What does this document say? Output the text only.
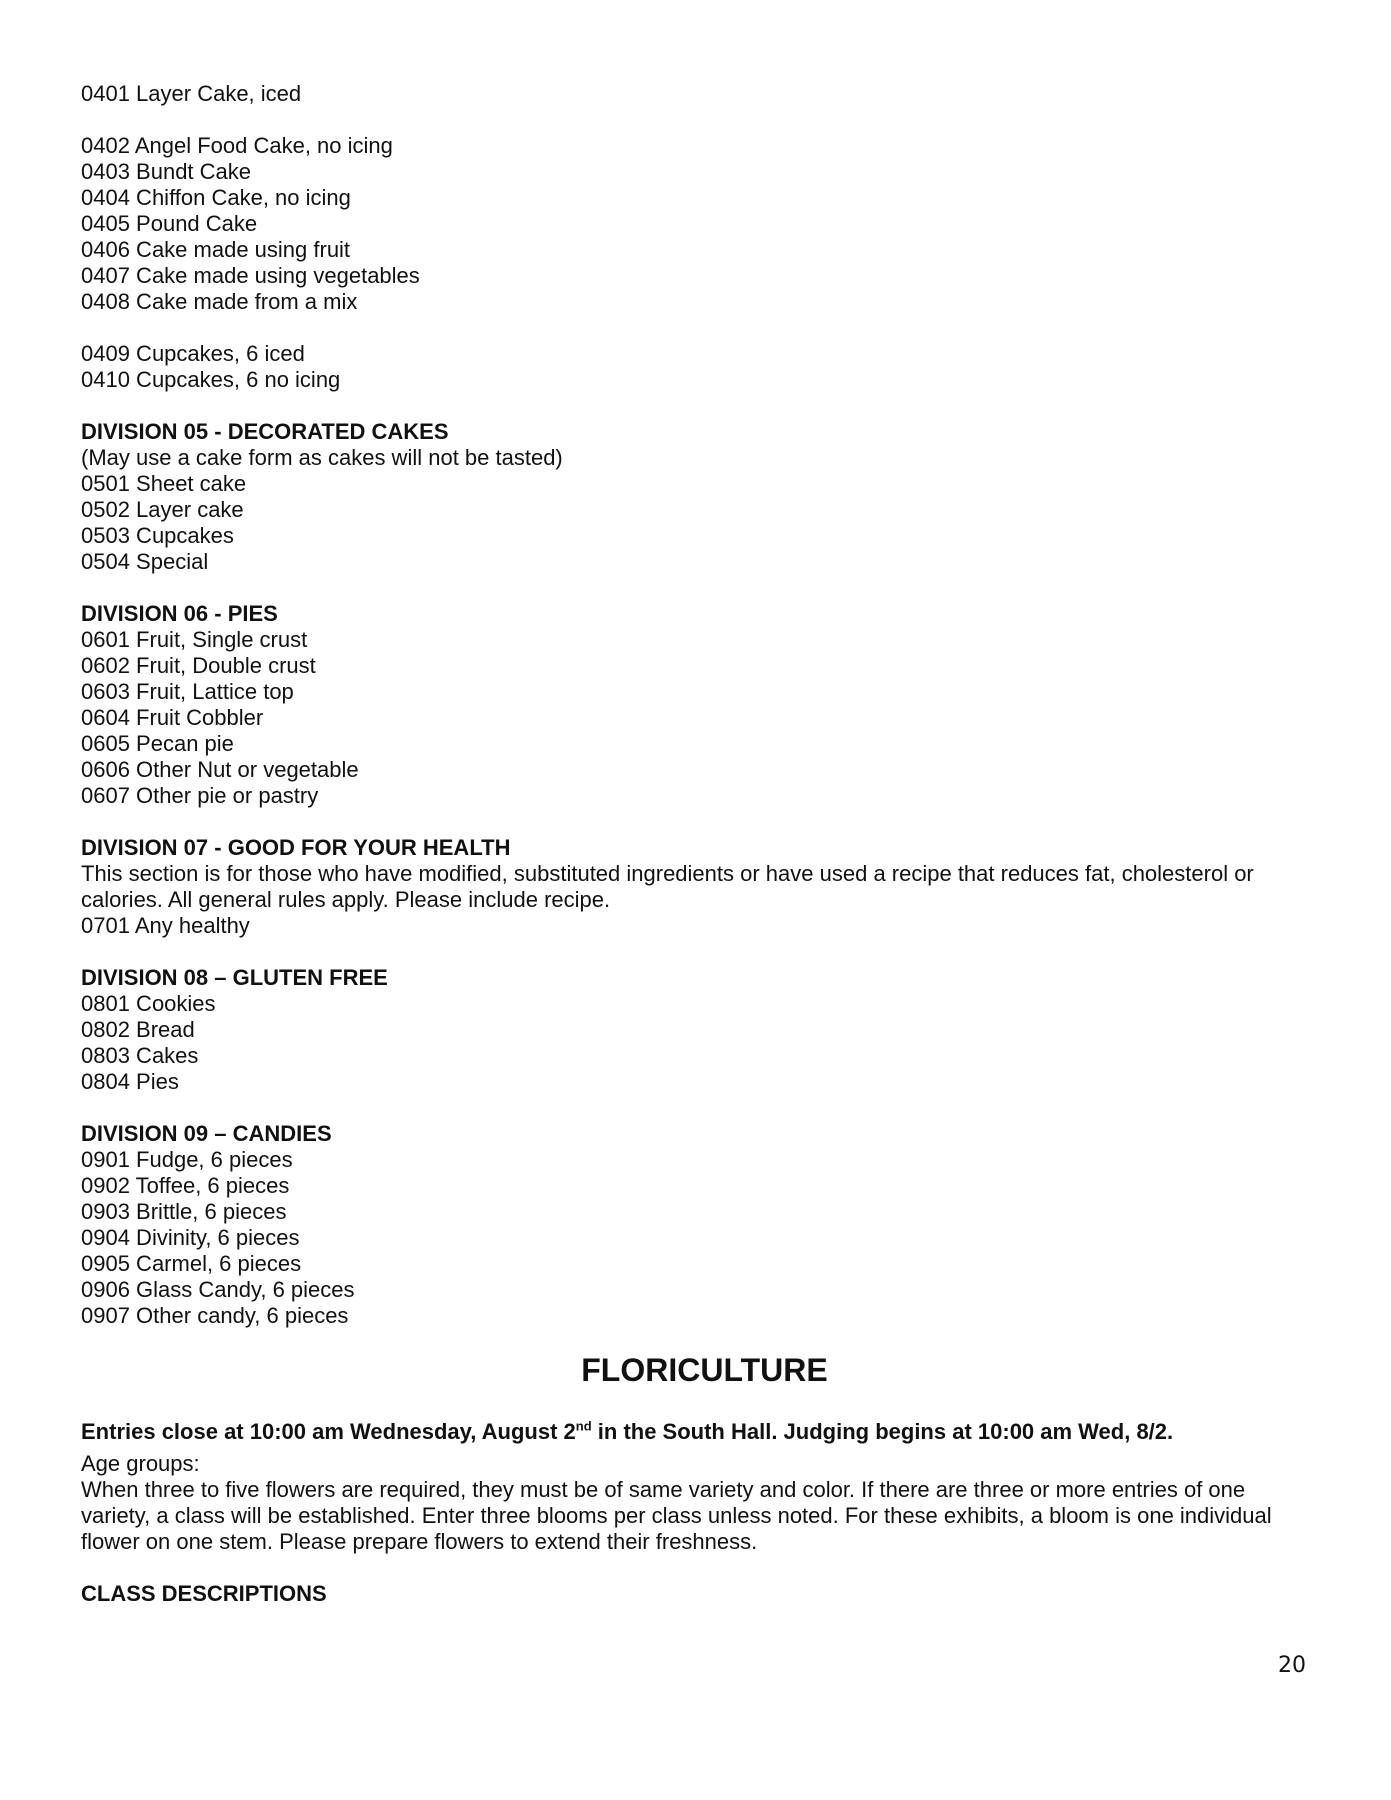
0401 Layer Cake, iced
0402 Angel Food Cake, no icing
0403 Bundt Cake
0404 Chiffon Cake, no icing
0405 Pound Cake
0406 Cake made using fruit
0407 Cake made using vegetables
0408 Cake made from a mix
0409 Cupcakes, 6 iced
0410 Cupcakes, 6 no icing
DIVISION 05 - DECORATED CAKES
(May use a cake form as cakes will not be tasted)
0501 Sheet cake
0502 Layer cake
0503 Cupcakes
0504 Special
DIVISION 06 - PIES
0601 Fruit, Single crust
0602 Fruit, Double crust
0603 Fruit, Lattice top
0604 Fruit Cobbler
0605 Pecan pie
0606 Other Nut or vegetable
0607 Other pie or pastry
DIVISION 07 - GOOD FOR YOUR HEALTH
This section is for those who have modified, substituted ingredients or have used a recipe that reduces fat, cholesterol or calories. All general rules apply. Please include recipe.
0701 Any healthy
DIVISION 08 – GLUTEN FREE
0801 Cookies
0802 Bread
0803 Cakes
0804 Pies
DIVISION 09 – CANDIES
0901 Fudge, 6 pieces
0902 Toffee, 6 pieces
0903 Brittle, 6 pieces
0904 Divinity, 6 pieces
0905 Carmel, 6 pieces
0906 Glass Candy, 6 pieces
0907 Other candy, 6 pieces
FLORICULTURE
Entries close at 10:00 am Wednesday, August 2nd in the South Hall. Judging begins at 10:00 am Wed, 8/2.
Age groups:
When three to five flowers are required, they must be of same variety and color. If there are three or more entries of one variety, a class will be established. Enter three blooms per class unless noted. For these exhibits, a bloom is one individual flower on one stem. Please prepare flowers to extend their freshness.
CLASS DESCRIPTIONS
20
